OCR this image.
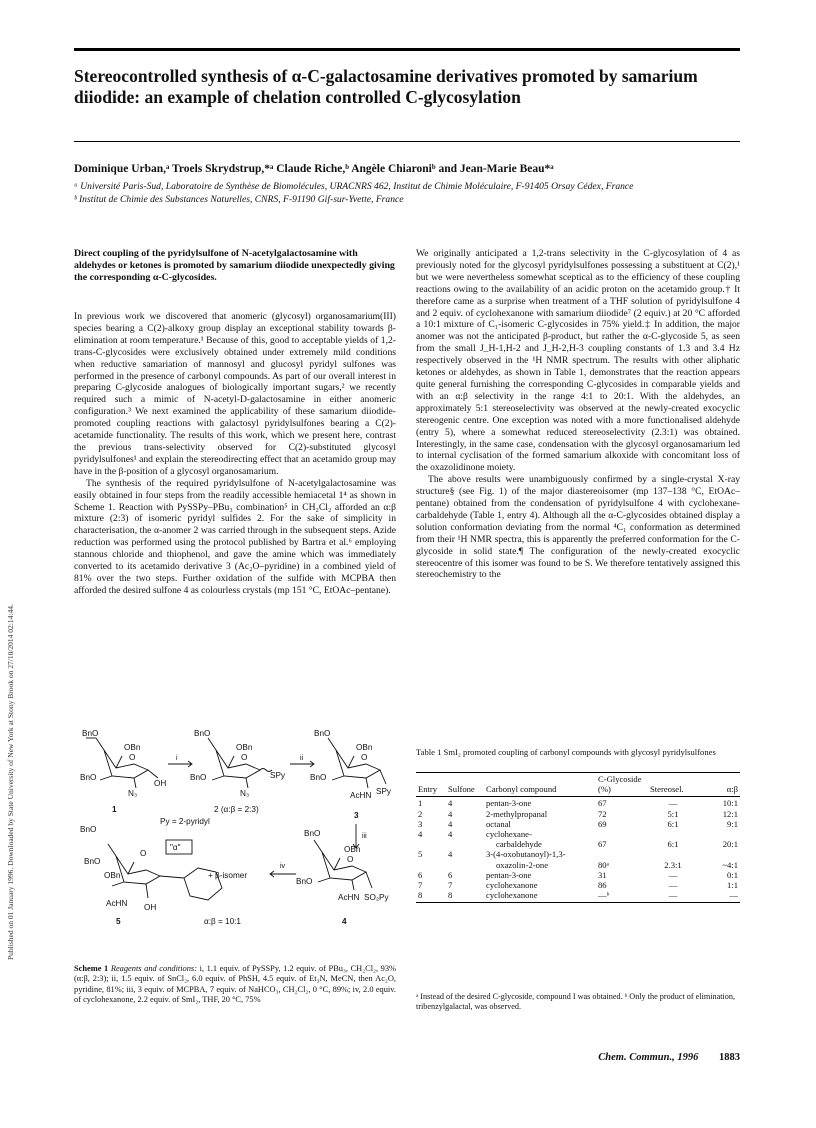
Published on 01 January 1996. Downloaded by State University of New York at Stony Brook on 27/10/2014 02:14:44.
Stereocontrolled synthesis of α-C-galactosamine derivatives promoted by samarium diiodide: an example of chelation controlled C-glycosylation
Dominique Urban,ᵃ Troels Skrydstrup,*ᵃ Claude Riche,ᵇ Angèle Chiaroniᵇ and Jean-Marie Beau*ᵃ
ᵃ Université Paris-Sud, Laboratoire de Synthèse de Biomolécules, URACNRS 462, Institut de Chimie Moléculaire, F-91405 Orsay Cédex, France
ᵇ Institut de Chimie des Substances Naturelles, CNRS, F-91190 Gif-sur-Yvette, France
Direct coupling of the pyridylsulfone of N-acetylgalactosamine with aldehydes or ketones is promoted by samarium diiodide unexpectedly giving the corresponding α-C-glycosides.

In previous work we discovered that anomeric (glycosyl) organosamarium(III) species bearing a C(2)-alkoxy group display an exceptional stability towards β-elimination at room temperature.¹ Because of this, good to acceptable yields of 1,2-trans-C-glycosides were exclusively obtained under extremely mild conditions when reductive samariation of mannosyl and glucosyl pyridyl sulfones was performed in the presence of carbonyl compounds. As part of our overall interest in preparing C-glycoside analogues of biologically important sugars,² we recently required such a mimic of N-acetyl-D-galactosamine in either anomeric configuration.³ We next examined the applicability of these samarium diiodide-promoted coupling reactions with galactosyl pyridylsulfones bearing a C(2)-acetamide functionality. The results of this work, which we present here, contrast the previous trans-selectivity observed for C(2)-substituted glycosyl pyridylsulfones¹ and explain the stereodirecting effect that an acetamido group may have in the β-position of a glycosyl organosamarium.

The synthesis of the required pyridylsulfone of N-acetylgalactosamine was easily obtained in four steps from the readily accessible hemiacetal 1⁴ as shown in Scheme 1. Reaction with PySSPy–PBu₃ combination⁵ in CH₂Cl₂ afforded an α:β mixture (2:3) of isomeric pyridyl sulfides 2. For the sake of simplicity in characterisation, the α-anomer 2 was carried through in the subsequent steps. Azide reduction was performed using the protocol published by Bartra et al.⁶ employing stannous chloride and thiophenol, and gave the amine which was immediately converted to its acetamido derivative 3 (Ac₂O–pyridine) in a combined yield of 81% over the two steps. Further oxidation of the sulfide with MCPBA then afforded the desired sulfone 4 as colourless crystals (mp 151 °C, EtOAc–pentane).

We originally anticipated a 1,2-trans selectivity in the C-glycosylation of 4 as previously noted for the glycosyl pyridylsulfones possessing a substituent at C(2),¹ but we were nevertheless somewhat sceptical as to the efficiency of these coupling reactions owing to the availability of an acidic proton on the acetamido group.† It therefore came as a surprise when treatment of a THF solution of pyridylsulfone 4 and 2 equiv. of cyclohexanone with samarium diiodide⁷ (2 equiv.) at 20 °C afforded a 10:1 mixture of C₁-isomeric C-glycosides in 75% yield.‡ In addition, the major anomer was not the anticipated β-product, but rather the α-C-glycoside 5, as seen from the small J_H-1,H-2 and J_H-2,H-3 coupling constants of 1.3 and 3.4 Hz respectively observed in the ¹H NMR spectrum. The results with other aliphatic ketones or aldehydes, as shown in Table 1, demonstrates that the reaction appears quite general furnishing the corresponding C-glycosides in comparable yields and with an α:β selectivity in the range 4:1 to 20:1. With the aldehydes, an approximately 5:1 stereoselectivity was observed at the newly-created exocyclic stereogenic centre. One exception was noted with a more functionalised aldehyde (entry 5), where a somewhat reduced stereoselectivity (2.3:1) was obtained. Interestingly, in the same case, condensation with the glycosyl organosamarium led to internal cyclisation of the formed samarium alkoxide with concomitant loss of the oxazolidinone moiety.

The above results were unambiguously confirmed by a single-crystal X-ray structure§ (see Fig. 1) of the major diastereoisomer (mp 137–138 °C, EtOAc–pentane) obtained from the condensation of pyridylsulfone 4 with cyclohexane-carbaldehyde (Table 1, entry 4). Although all the α-C-glycosides obtained display a solution conformation deviating from the normal ⁴C₁ conformation as determined from their ¹H NMR spectra, this is apparently the preferred conformation for the C-glycoside in solid state.¶ The configuration of the newly-created exocyclic stereocentre of this isomer was found to be S. We therefore tentatively assigned this stereochemistry to the

BnO
OBn
O
BnO
N₃
OH
1
i
BnO
OBn
O
BnO
N₃
SPy
2 (α:β = 2:3)
ii
BnO
OBn
O
BnO
AcHN SPy
3
iii
Py = 2-pyridyl
BnO
BnO
O
"α"
OBn
AcHN OH
5
+ β-isomer
α:β = 10:1
iv
BnO
OBn
O
BnO
AcHN SO₂Py
4
Scheme 1 Reagents and conditions: i, 1.1 equiv. of PySSPy, 1.2 equiv. of PBu₃, CH₂Cl₂, 93% (α:β, 2:3); ii, 1.5 equiv. of SnCl₂, 6.0 equiv. of PhSH, 4.5 equiv. of Et₃N, MeCN, then Ac₂O, pyridine, 81%; iii, 3 equiv. of MCPBA, 7 equiv. of NaHCO₃, CH₂Cl₂, 0 °C, 89%; iv, 2.0 equiv. of cyclohexanone, 2.2 equiv. of SmI₂, THF, 20 °C, 75%
Table 1 SmI₂ promoted coupling of carbonyl compounds with glycosyl pyridylsulfones
Entry	Sulfone	Carbonyl compound	C-Glycoside (%)	Stereosel.	α:β

1	4	pentan-3-one	67	—	10:1
2	4	2-methylpropanal	72	5:1	12:1
3	4	octanal	69	6:1	9:1
4	4	cyclohexane-			
		carbaldehyde	67	6:1	20:1
5	4	3-(4-oxobutanoyl)-1,3-			
		oxazolin-2-one	80ᵃ	2.3:1	~4:1
6	6	pentan-3-one	31	—	0:1
7	7	cyclohexanone	86	—	1:1
8	8	cyclohexanone	—ᵇ	—	—
ᵃ Instead of the desired C-glycoside, compound I was obtained. ᵇ Only the product of elimination, tribenzylgalactal, was observed.
Chem. Commun., 1996 1883
